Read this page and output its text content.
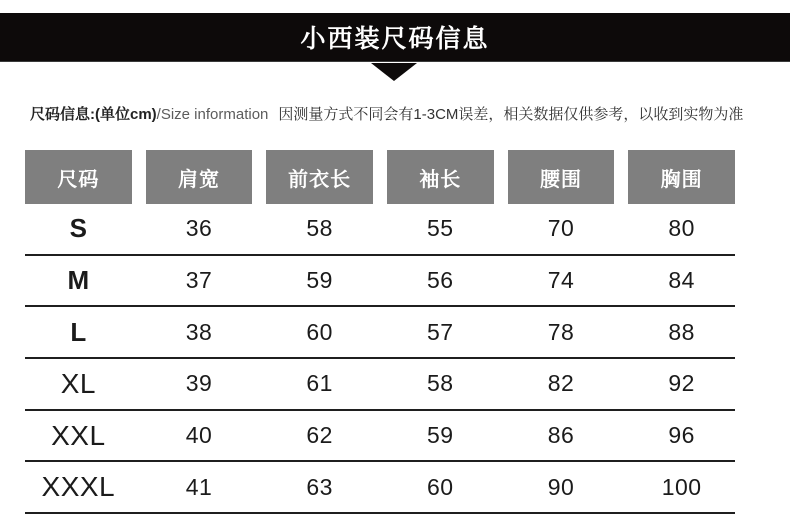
小西装尺码信息
尺码信息:(单位cm)/Size information 因测量方式不同会有1-3CM误差，相关数据仅供参考，以收到实物为准
尺码	肩宽	前衣长	袖长	腰围	胸围
S	36	58	55	70	80
M	37	59	56	74	84
L	38	60	57	78	88
XL	39	61	58	82	92
XXL	40	62	59	86	96
XXXL	41	63	60	90	100
